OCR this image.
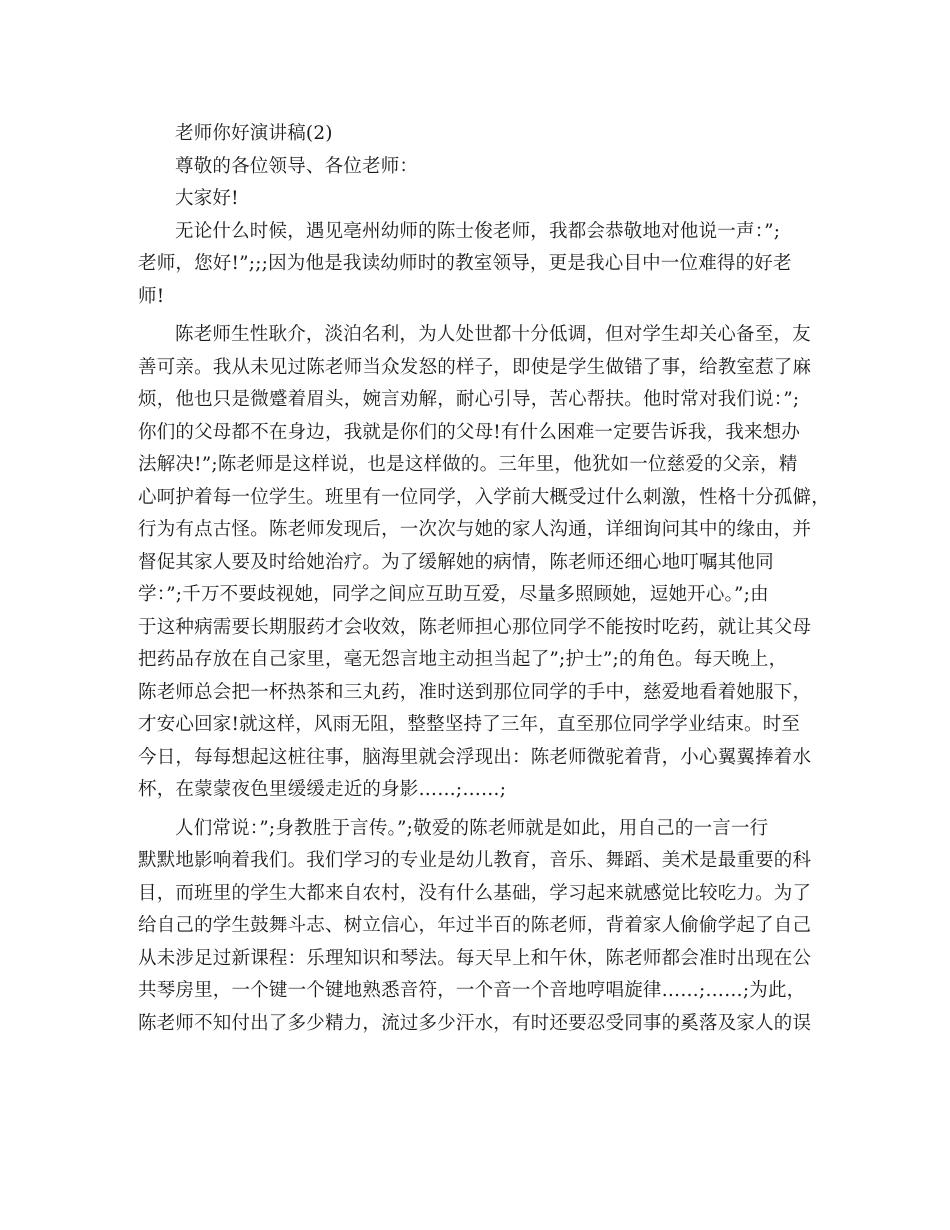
老师你好演讲稿(2)
尊敬的各位领导、各位老师：
大家好!
无论什么时候，遇见亳州幼师的陈士俊老师，我都会恭敬地对他说一声：”;
老师，您好!”;;;因为他是我读幼师时的教室领导，更是我心目中一位难得的好老
师!
陈老师生性耿介，淡泊名利，为人处世都十分低调，但对学生却关心备至，友
善可亲。我从未见过陈老师当众发怒的样子，即使是学生做错了事，给教室惹了麻
烦，他也只是微蹙着眉头，婉言劝解，耐心引导，苦心帮扶。他时常对我们说：”;
你们的父母都不在身边，我就是你们的父母!有什么困难一定要告诉我，我来想办
法解决!”;陈老师是这样说，也是这样做的。三年里，他犹如一位慈爱的父亲，精
心呵护着每一位学生。班里有一位同学，入学前大概受过什么刺激，性格十分孤僻，
行为有点古怪。陈老师发现后，一次次与她的家人沟通，详细询问其中的缘由，并
督促其家人要及时给她治疗。为了缓解她的病情，陈老师还细心地叮嘱其他同
学：”;千万不要歧视她，同学之间应互助互爱，尽量多照顾她，逗她开心。”;由
于这种病需要长期服药才会收效，陈老师担心那位同学不能按时吃药，就让其父母
把药品存放在自己家里，毫无怨言地主动担当起了”;护士”;的角色。每天晚上，
陈老师总会把一杯热茶和三丸药，准时送到那位同学的手中，慈爱地看着她服下，
才安心回家!就这样，风雨无阻，整整坚持了三年，直至那位同学学业结束。时至
今日，每每想起这桩往事，脑海里就会浮现出：陈老师微驼着背，小心翼翼捧着水
杯，在蒙蒙夜色里缓缓走近的身影……;……;
人们常说：”;身教胜于言传。”;敬爱的陈老师就是如此，用自己的一言一行
默默地影响着我们。我们学习的专业是幼儿教育，音乐、舞蹈、美术是最重要的科
目，而班里的学生大都来自农村，没有什么基础，学习起来就感觉比较吃力。为了
给自己的学生鼓舞斗志、树立信心，年过半百的陈老师，背着家人偷偷学起了自己
从未涉足过新课程：乐理知识和琴法。每天早上和午休，陈老师都会准时出现在公
共琴房里，一个键一个键地熟悉音符，一个音一个音地哼唱旋律……;……;为此，
陈老师不知付出了多少精力，流过多少汗水，有时还要忍受同事的奚落及家人的误
